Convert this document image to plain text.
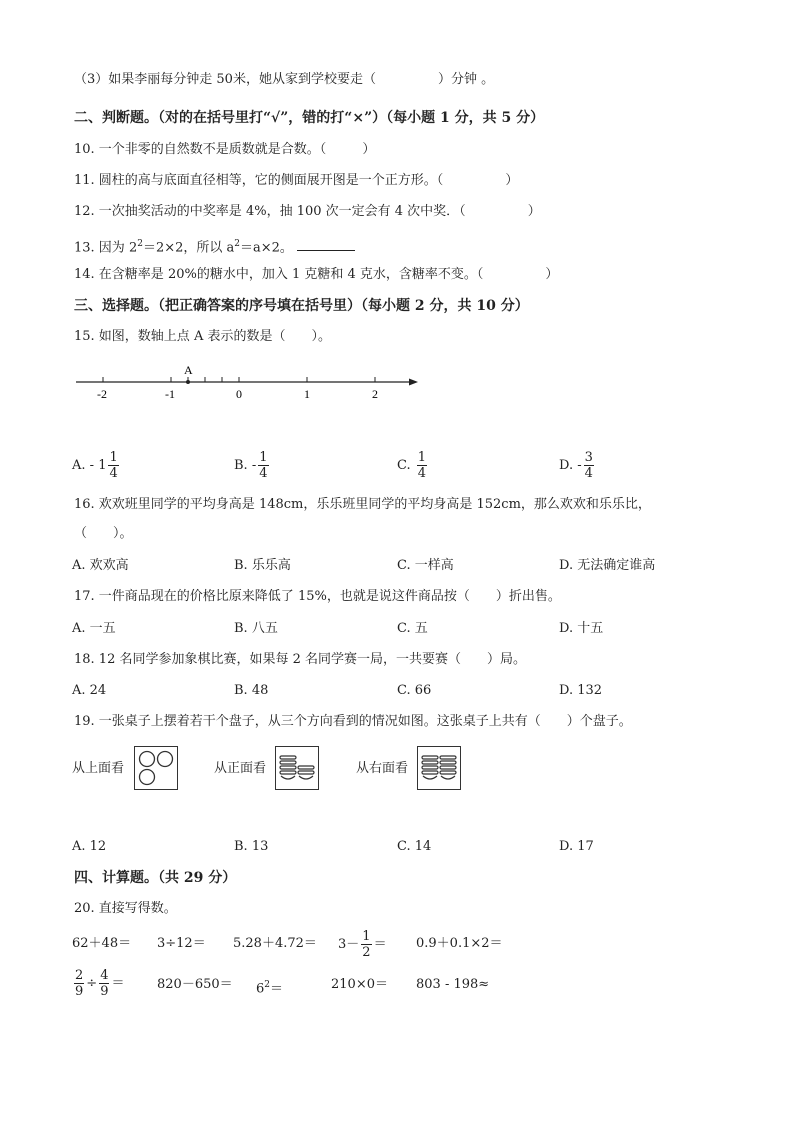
（3）如果李丽每分钟走 50米，她从家到学校要走（	）分钟 。
二、判断题。（对的在括号里打“√”，错的打“×”）（每小题 1 分，共 5 分）
10. 一个非零的自然数不是质数就是合数。（	）
11. 圆柱的高与底面直径相等，它的侧面展开图是一个正方形。（	）
12. 一次抽奖活动的中奖率是 4%，抽 100 次一定会有 4 次中奖．（	）
13. 因为 $2^2=2\times 2$，所以 $a^2=a\times 2$。
14. 在含糖率是 20%的糖水中，加入 1 克糖和 4 克水，含糖率不变。（	）
三、选择题。（把正确答案的序号填在括号里）（每小题 2 分，共 10 分）
15. 如图，数轴上点 A 表示的数是（　　）。
A
-2	-1	0	1	2
A. - $1 \frac{1}{4}$	B. - $\frac{1}{4}$	C. $\frac{1}{4}$	D. - $\frac{3}{4}$
16. 欢欢班里同学的平均身高是 148cm，乐乐班里同学的平均身高是 152cm，那么欢欢和乐乐比，
（　　）。
A. 欢欢高	B. 乐乐高	C. 一样高	D. 无法确定谁高
17. 一件商品现在的价格比原来降低了 15%，也就是说这件商品按（　　）折出售。
A. 一五	B. 八五	C. 五	D. 十五
18. 12 名同学参加象棋比赛，如果每 2 名同学赛一局，一共要赛（　　）局。
A. 24	B. 48	C. 66	D. 132
19. 一张桌子上摆着若干个盘子，从三个方向看到的情况如图。这张桌子上共有（　　）个盘子。
从上面看	从正面看	从右面看
A. 12	B. 13	C. 14	D. 17
四、计算题。（共 29 分）
20. 直接写得数。
$62+48= 3\div 12= 5.28+4.72= 3- \frac{1}{2} = 0.9+0.1\times 2=$
$\frac{2}{9} \div \frac{4}{9}$ ＝	$820-650= 6^2=$	210×0＝ 803 - 198≈
